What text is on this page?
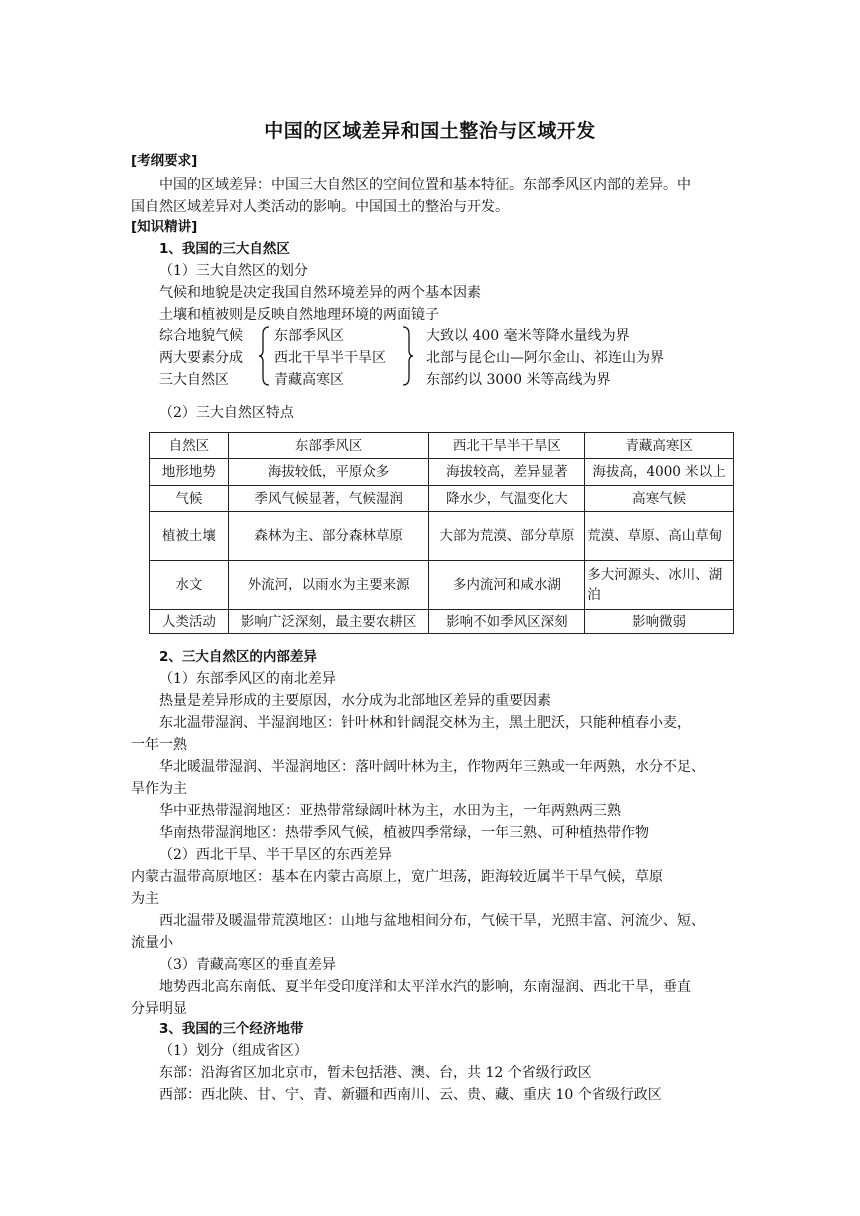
中国的区域差异和国土整治与区域开发
[考纲要求]
中国的区域差异：中国三大自然区的空间位置和基本特征。东部季风区内部的差异。中
国自然区域差异对人类活动的影响。中国国土的整治与开发。
[知识精讲]
1、我国的三大自然区
（1）三大自然区的划分
气候和地貌是决定我国自然环境差异的两个基本因素
土壤和植被则是反映自然地理环境的两面镜子
综合地貌气候
两大要素分成
三大自然区
东部季风区
西北干旱半干旱区
青藏高寒区
大致以 400 毫米等降水量线为界
北部与昆仑山—阿尔金山、祁连山为界
东部约以 3000 米等高线为界
（2）三大自然区特点
自然区	东部季风区	西北干旱半干旱区	青藏高寒区
地形地势	海拔较低，平原众多	海拔较高，差异显著	海拔高，4000 米以上
气候	季风气候显著，气候湿润	降水少，气温变化大	高寒气候
植被土壤	森林为主、部分森林草原	大部为荒漠、部分草原	荒漠、草原、高山草甸
水文	外流河，以雨水为主要来源	多内流河和咸水湖	多大河源头、冰川、湖泊
人类活动	影响广泛深刻，最主要农耕区	影响不如季风区深刻	影响微弱
2、三大自然区的内部差异
（1）东部季风区的南北差异
热量是差异形成的主要原因，水分成为北部地区差异的重要因素
东北温带湿润、半湿润地区：针叶林和针阔混交林为主，黑土肥沃，只能种植春小麦，
一年一熟
华北暖温带湿润、半湿润地区：落叶阔叶林为主，作物两年三熟或一年两熟，水分不足、
旱作为主
华中亚热带湿润地区：亚热带常绿阔叶林为主，水田为主，一年两熟两三熟
华南热带湿润地区：热带季风气候，植被四季常绿，一年三熟、可种植热带作物
（2）西北干旱、半干旱区的东西差异
内蒙古温带高原地区：基本在内蒙古高原上，宽广坦荡，距海较近属半干旱气候，草原
为主
西北温带及暖温带荒漠地区：山地与盆地相间分布，气候干旱，光照丰富、河流少、短、
流量小
（3）青藏高寒区的垂直差异
地势西北高东南低、夏半年受印度洋和太平洋水汽的影响，东南湿润、西北干旱，垂直
分异明显
3、我国的三个经济地带
（1）划分（组成省区）
东部：沿海省区加北京市，暂未包括港、澳、台，共 12 个省级行政区
西部：西北陕、甘、宁、青、新疆和西南川、云、贵、藏、重庆 10 个省级行政区
